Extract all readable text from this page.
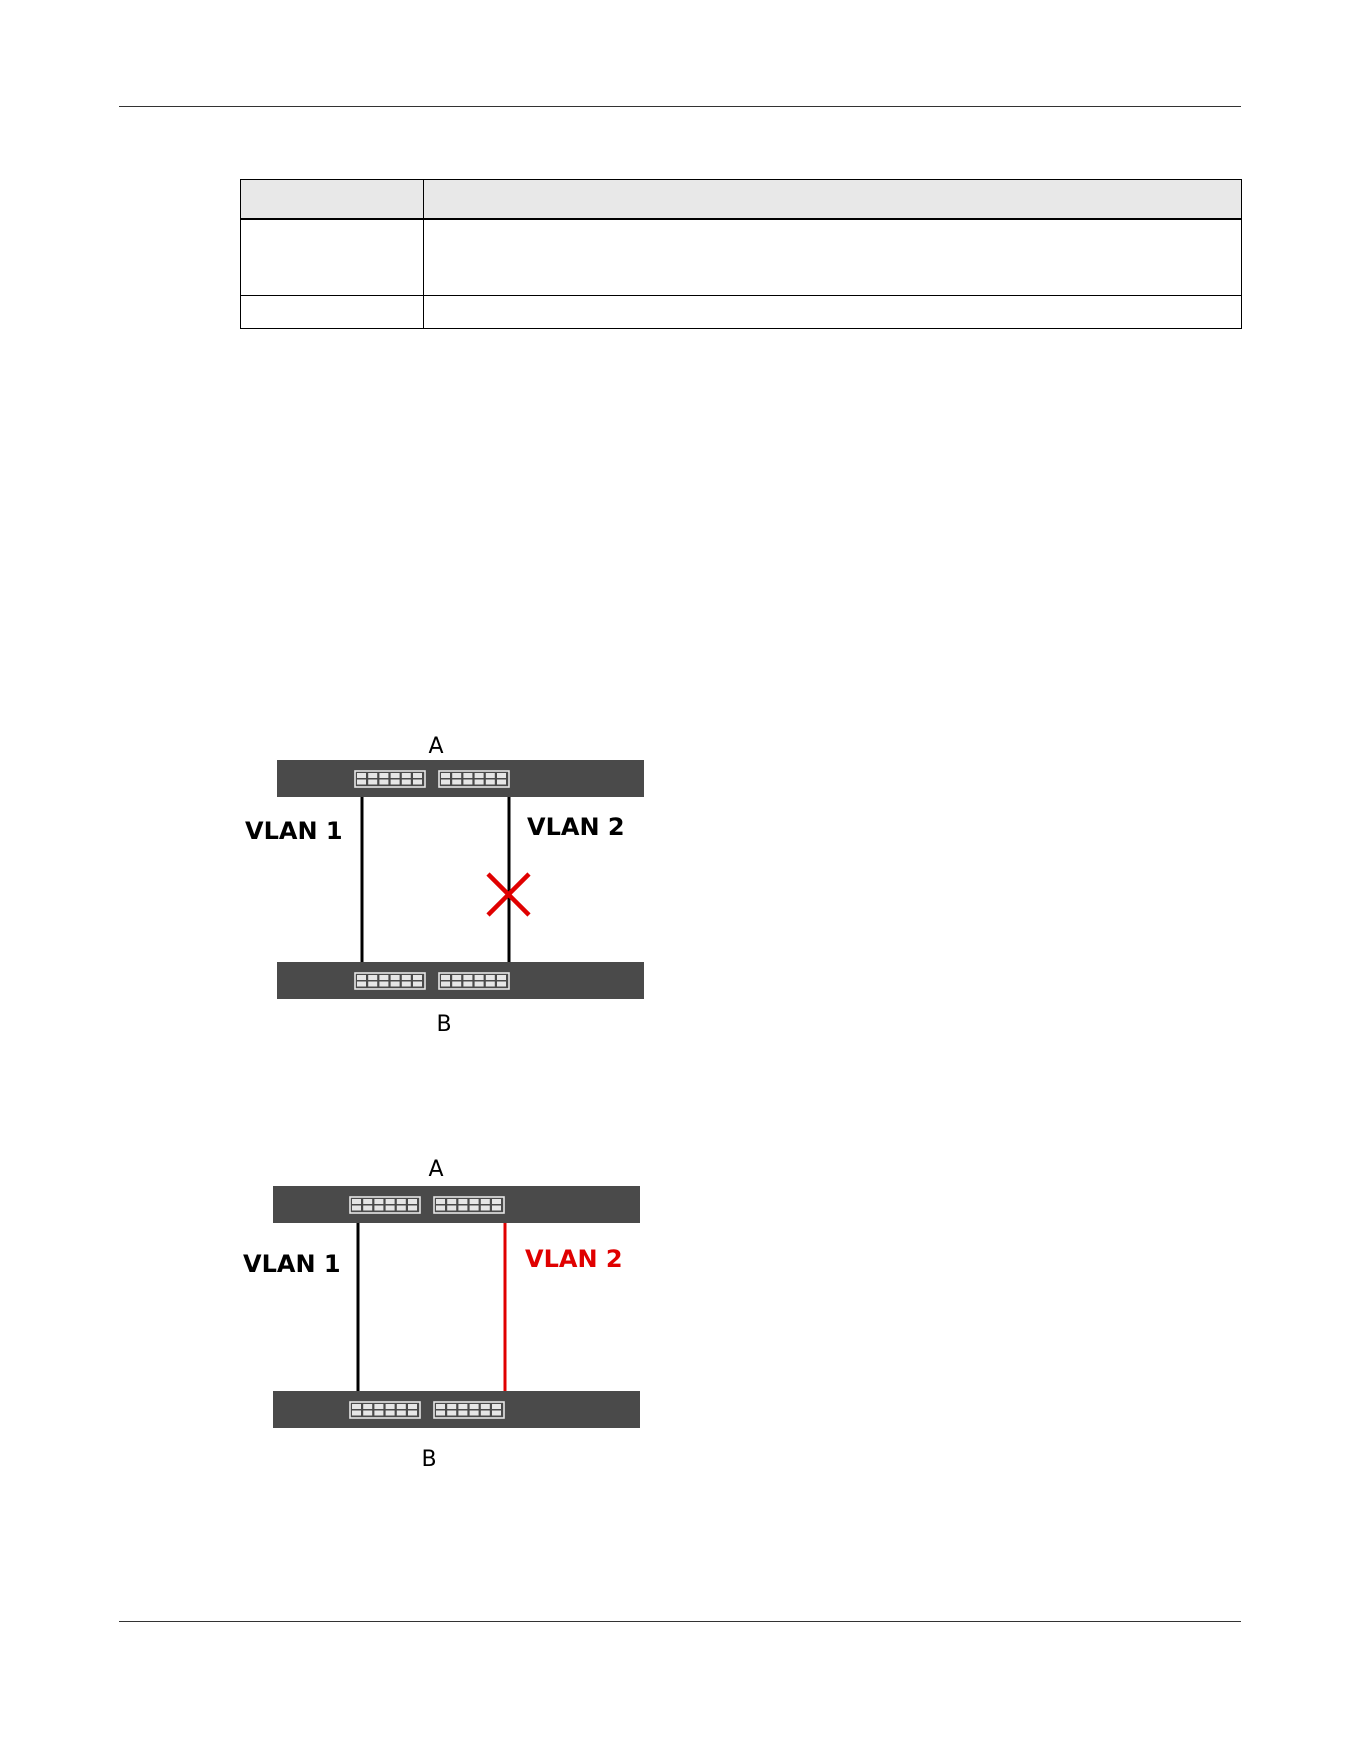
A
VLAN 1	VLAN 2
B
A
VLAN 1	VLAN 2
B
